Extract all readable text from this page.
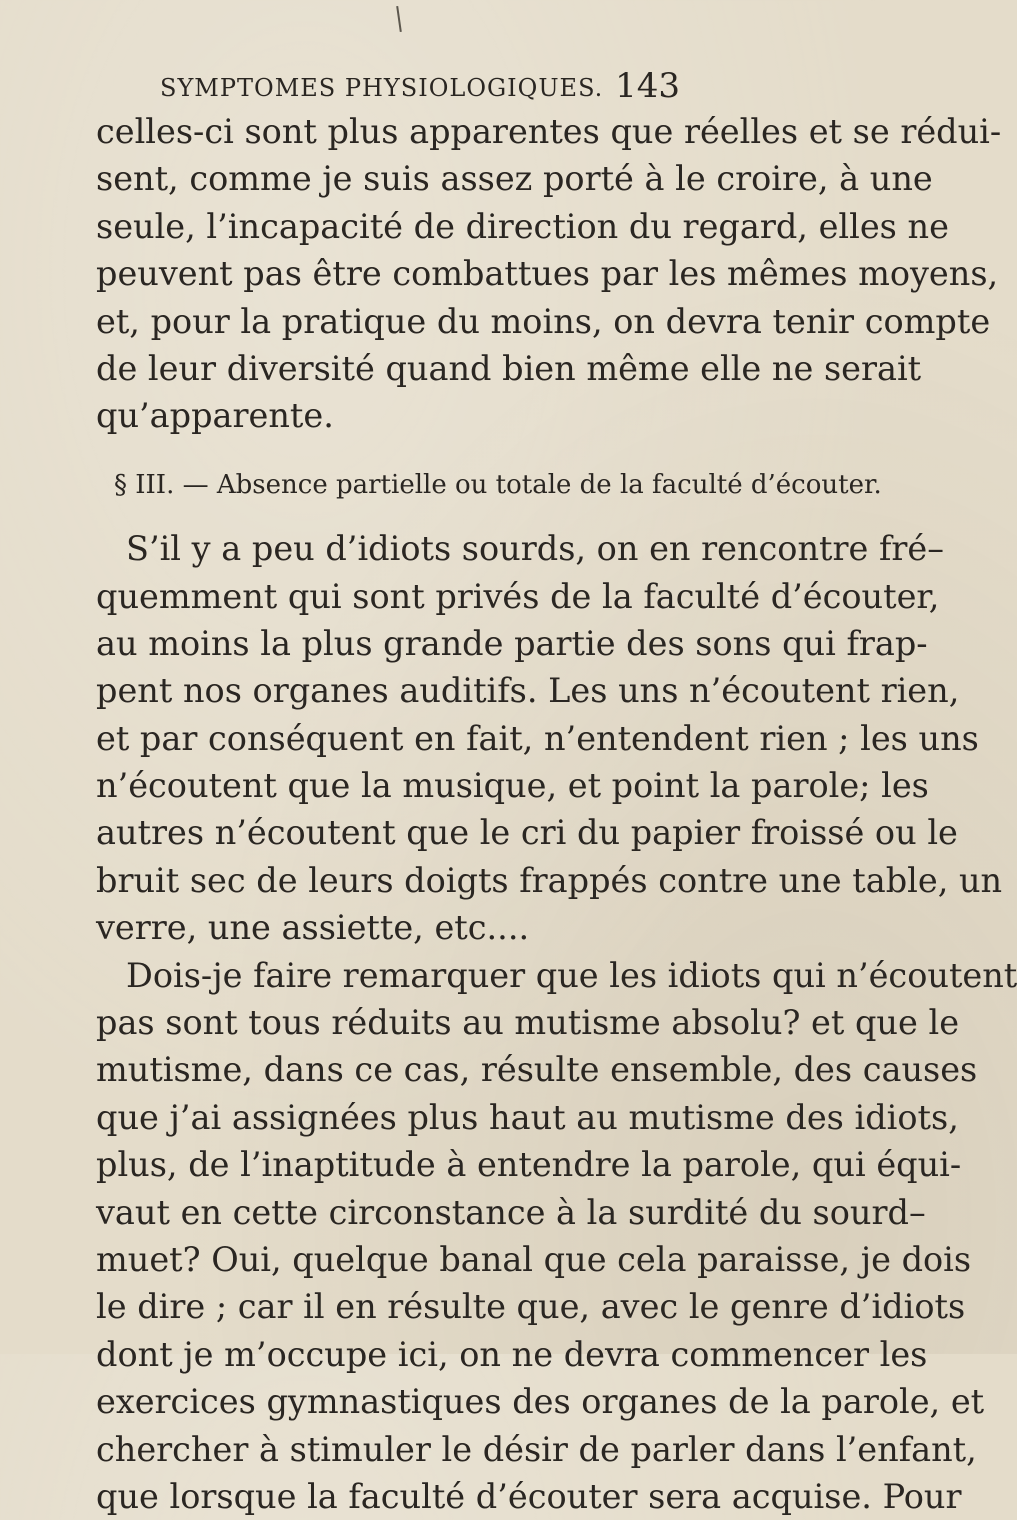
SYMPTOMES PHYSIOLOGIQUES. 143
celles-ci sont plus apparentes que réelles et se rédui-
sent, comme je suis assez porté à le croire, à une
seule, l’incapacité de direction du regard, elles ne
peuvent pas être combattues par les mêmes moyens,
et, pour la pratique du moins, on devra tenir compte
de leur diversité quand bien même elle ne serait
qu’apparente.
§ III. — Absence partielle ou totale de la faculté d’écouter.
S’il y a peu d’idiots sourds, on en rencontre fré–
quemment qui sont privés de la faculté d’écouter,
au moins la plus grande partie des sons qui frap-
pent nos organes auditifs. Les uns n’écoutent rien,
et par conséquent en fait, n’entendent rien ; les uns
n’écoutent que la musique, et point la parole; les
autres n’écoutent que le cri du papier froissé ou le
bruit sec de leurs doigts frappés contre une table, un
verre, une assiette, etc....
Dois-je faire remarquer que les idiots qui n’écoutent
pas sont tous réduits au mutisme absolu? et que le
mutisme, dans ce cas, résulte ensemble, des causes
que j’ai assignées plus haut au mutisme des idiots,
plus, de l’inaptitude à entendre la parole, qui équi-
vaut en cette circonstance à la surdité du sourd–
muet? Oui, quelque banal que cela paraisse, je dois
le dire ; car il en résulte que, avec le genre d’idiots
dont je m’occupe ici, on ne devra commencer les
exercices gymnastiques des organes de la parole, et
chercher à stimuler le désir de parler dans l’enfant,
que lorsque la faculté d’écouter sera acquise. Pour
